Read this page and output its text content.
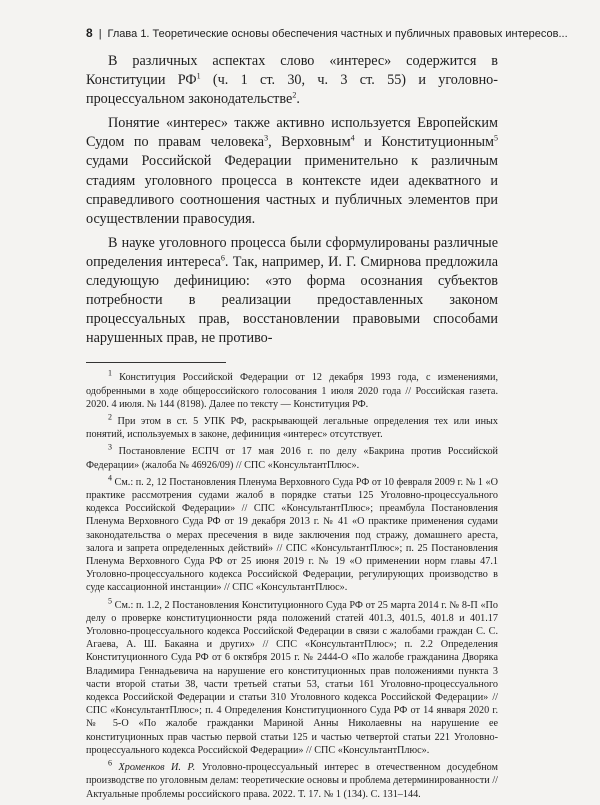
8 | Глава 1. Теоретические основы обеспечения частных и публичных правовых интересов...

В различных аспектах слово «интерес» содержится в Конституции $РФ^1$ (ч. 1 ст. 30, ч. 3 ст. 55) и уголовно-процессуальном законодательстве$^2$.

Понятие «интерес» также активно используется Европейским Судом по правам человека$^3$, Верховным$^4$ и Конституционным$^5$ судами Российской Федерации применительно к различным стадиям уголовного процесса в контексте идеи адекватного и справедливого соотношения частных и публичных элементов при осуществлении правосудия.

В науке уголовного процесса были сформулированы различные определения интереса$^6$. Так, например, И. Г. Смирнова предложила следующую дефиницию: «это форма осознания субъектов потребности в реализации предоставленных законом процессуальных прав, восстановлении правовыми способами нарушенных прав, не противо-

$^1$ Конституция Российской Федерации от 12 декабря 1993 года, с изменениями, одобренными в ходе общероссийского голосования 1 июля 2020 года // Российская газета. 2020. 4 июля. № 144 (8198). Далее по тексту — Конституция РФ.

$^2$ При этом в ст. 5 УПК РФ, раскрывающей легальные определения тех или иных понятий, используемых в законе, дефиниция «интерес» отсутствует.

$^3$ Постановление ЕСПЧ от 17 мая 2016 г. по делу «Бакрина против Российской Федерации» (жалоба № 46926/09) // СПС «КонсультантПлюс».

$^4$ См.: п. 2, 12 Постановления Пленума Верховного Суда РФ от 10 февраля 2009 г. № 1 «О практике рассмотрения судами жалоб в порядке статьи 125 Уголовно-процессуального кодекса Российской Федерации» // СПС «КонсультантПлюс»; преамбула Постановления Пленума Верховного Суда РФ от 19 декабря 2013 г. № 41 «О практике применения судами законодательства о мерах пресечения в виде заключения под стражу, домашнего ареста, залога и запрета определенных действий» // СПС «КонсультантПлюс»; п. 25 Постановления Пленума Верховного Суда РФ от 25 июня 2019 г. № 19 «О применении норм главы 47.1 Уголовно-процессуального кодекса Российской Федерации, регулирующих производство в суде кассационной инстанции» // СПС «КонсультантПлюс».

$^5$ См.: п. 1.2, 2 Постановления Конституционного Суда РФ от 25 марта 2014 г. № 8-П «По делу о проверке конституционности ряда положений статей 401.3, 401.5, 401.8 и 401.17 Уголовно-процессуального кодекса Российской Федерации в связи с жалобами граждан С. С. Агаева, А. Ш. Бакаяна и других» // СПС «КонсультантПлюс»; п. 2.2 Определения Конституционного Суда РФ от 6 октября 2015 г. № 2444-О «По жалобе гражданина Дворяка Владимира Геннадьевича на нарушение его конституционных прав положениями пункта 3 части второй статьи 38, части третьей статьи 53, статьи 161 Уголовно-процессуального кодекса Российской Федерации и статьи 310 Уголовного кодекса Российской Федерации» // СПС «КонсультантПлюс»; п. 4 Определения Конституционного Суда РФ от 14 января 2020 г. № 5-О «По жалобе гражданки Мариной Анны Николаевны на нарушение ее конституционных прав частью первой статьи 125 и частью четвертой статьи 221 Уголовно-процессуального кодекса Российской Федерации» // СПС «КонсультантПлюс».

$^6$ Хроменков И. Р. Уголовно-процессуальный интерес в отечественном досудебном производстве по уголовным делам: теоретические основы и проблема детерминированности // Актуальные проблемы российского права. 2022. Т. 17. № 1 (134). С. 131–144.
